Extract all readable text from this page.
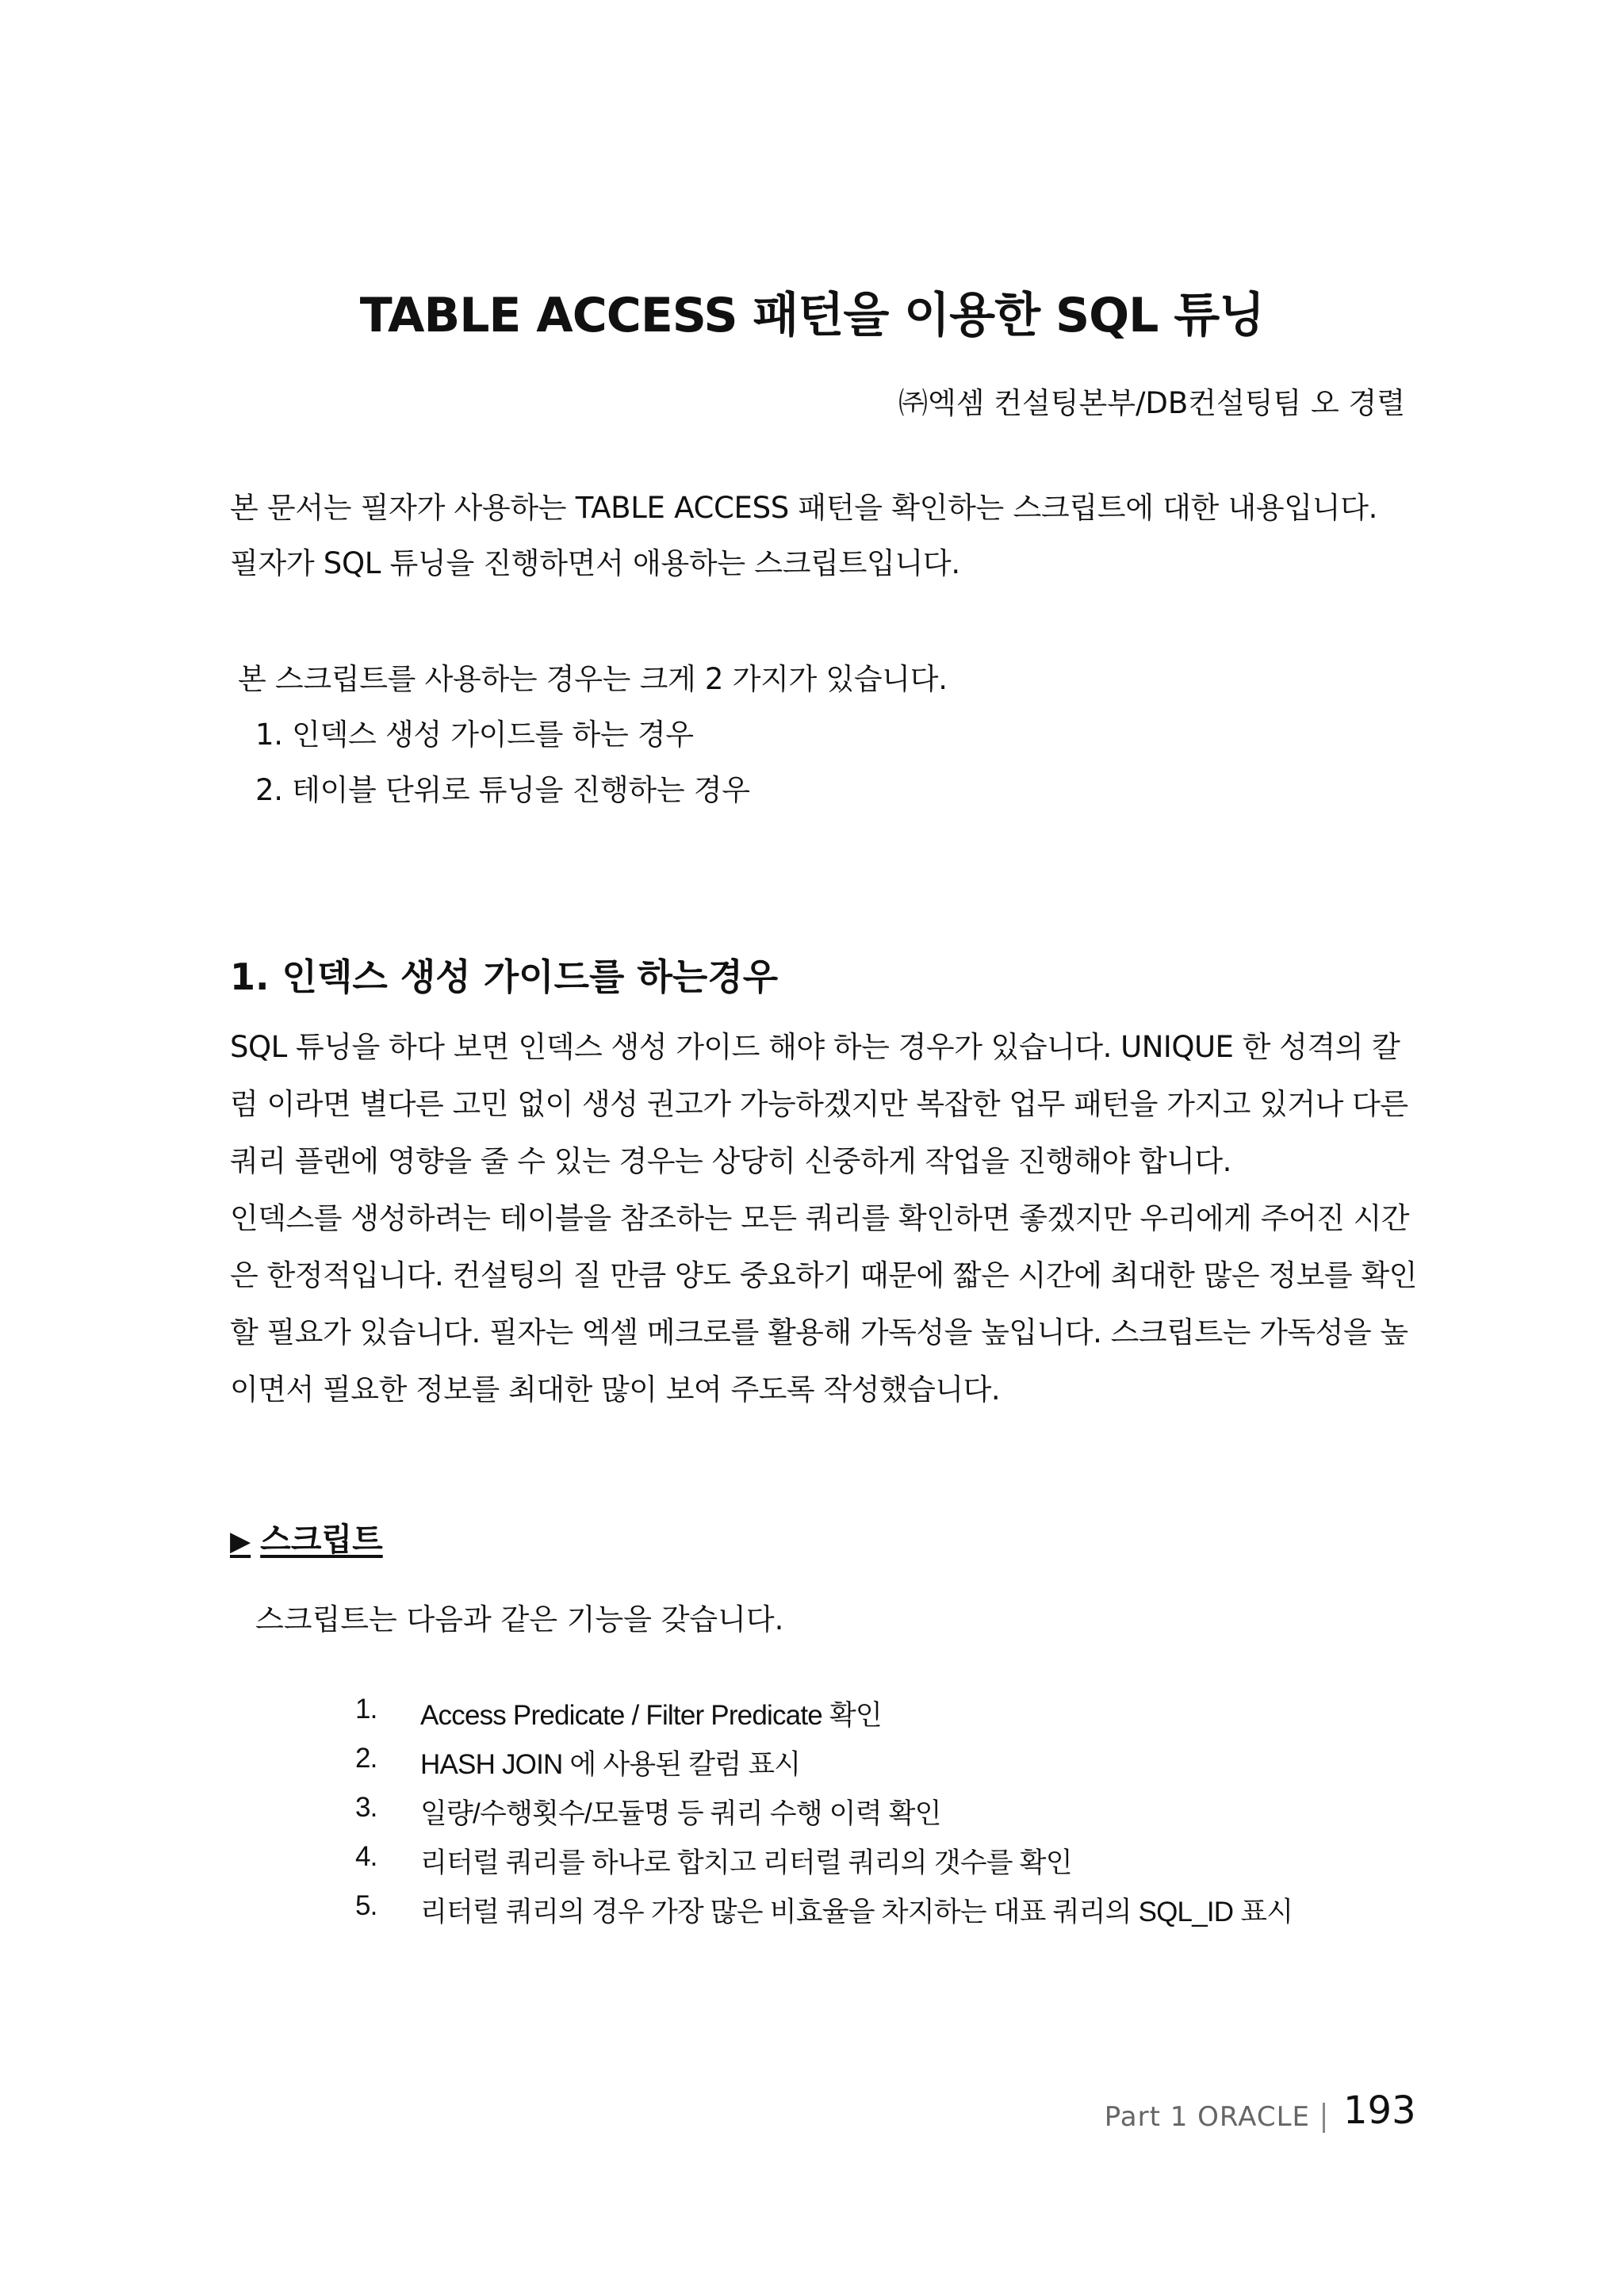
TABLE ACCESS 패턴을 이용한 SQL 튜닝
㈜엑셈 컨설팅본부/DB컨설팅팀 오 경렬
본 문서는 필자가 사용하는 TABLE ACCESS 패턴을 확인하는 스크립트에 대한 내용입니다.
필자가 SQL 튜닝을 진행하면서 애용하는 스크립트입니다.
본 스크립트를 사용하는 경우는 크게 2 가지가 있습니다.
1. 인덱스 생성 가이드를 하는 경우
2. 테이블 단위로 튜닝을 진행하는 경우
1. 인덱스 생성 가이드를 하는경우
SQL 튜닝을 하다 보면 인덱스 생성 가이드 해야 하는 경우가 있습니다. UNIQUE 한 성격의 칼
럼 이라면 별다른 고민 없이 생성 권고가 가능하겠지만 복잡한 업무 패턴을 가지고 있거나 다른
쿼리 플랜에 영향을 줄 수 있는 경우는 상당히 신중하게 작업을 진행해야 합니다.
인덱스를 생성하려는 테이블을 참조하는 모든 쿼리를 확인하면 좋겠지만 우리에게 주어진 시간
은 한정적입니다. 컨설팅의 질 만큼 양도 중요하기 때문에 짧은 시간에 최대한 많은 정보를 확인
할 필요가 있습니다. 필자는 엑셀 메크로를 활용해 가독성을 높입니다. 스크립트는 가독성을 높
이면서 필요한 정보를 최대한 많이 보여 주도록 작성했습니다.
▶ 스크립트
스크립트는 다음과 같은 기능을 갖습니다.
1. Access Predicate / Filter Predicate 확인
2. HASH JOIN 에 사용된 칼럼 표시
3. 일량/수행횟수/모듈명 등 쿼리 수행 이력 확인
4. 리터럴 쿼리를 하나로 합치고 리터럴 쿼리의 갯수를 확인
5. 리터럴 쿼리의 경우 가장 많은 비효율을 차지하는 대표 쿼리의 SQL_ID 표시
Part 1 ORACLE 193
